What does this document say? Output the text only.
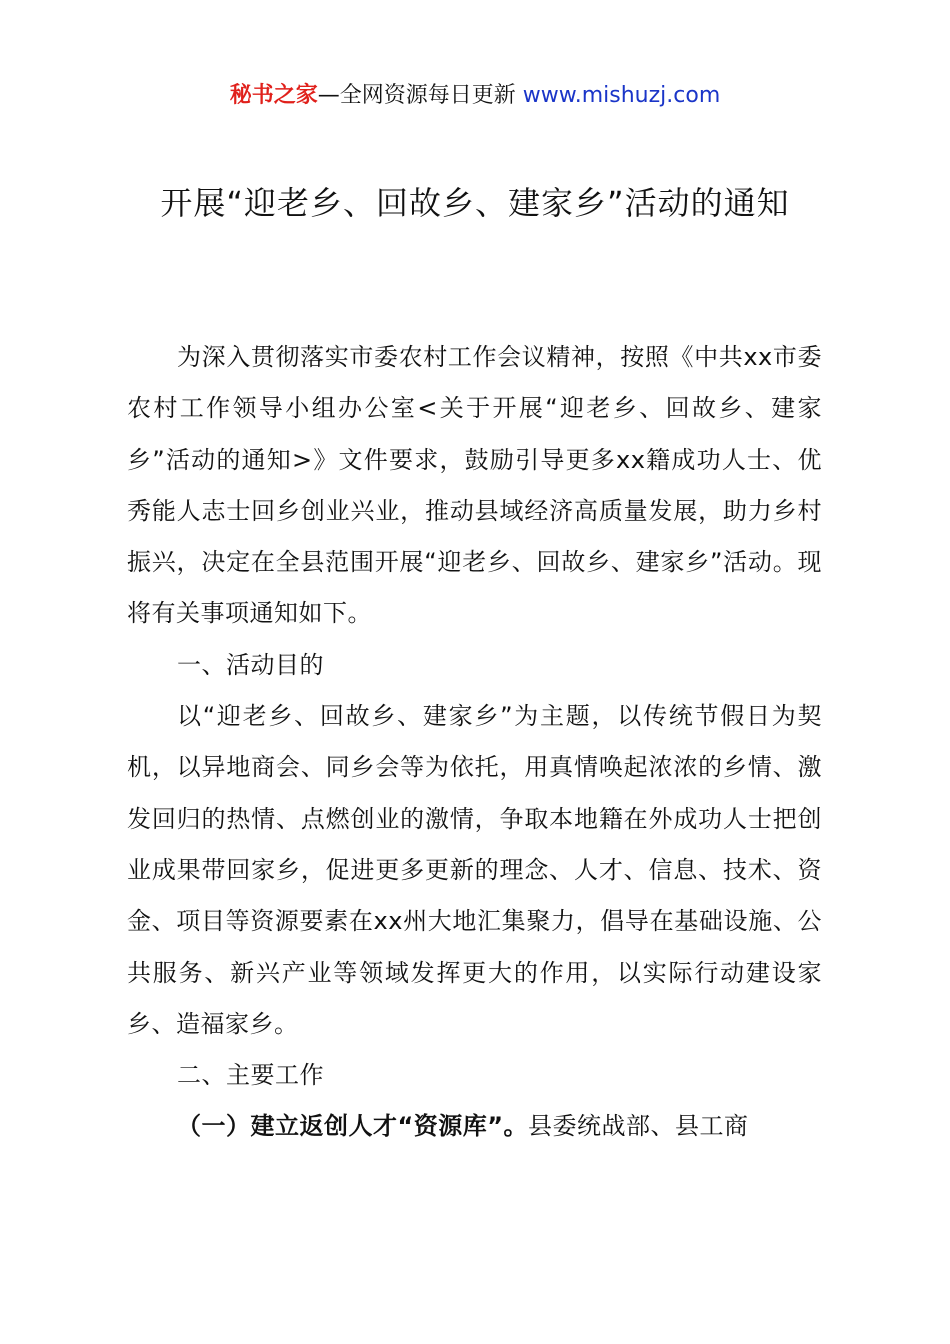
秘书之家—全网资源每日更新 www.mishuzj.com
开展“迎老乡、回故乡、建家乡”活动的通知

为深入贯彻落实市委农村工作会议精神，按照《中共xx市委农村工作领导小组办公室<关于开展“迎老乡、回故乡、建家乡”活动的通知>》文件要求，鼓励引导更多xx籍成功人士、优秀能人志士回乡创业兴业，推动县域经济高质量发展，助力乡村振兴，决定在全县范围开展“迎老乡、回故乡、建家乡”活动。现将有关事项通知如下。

一、活动目的

以“迎老乡、回故乡、建家乡”为主题，以传统节假日为契机，以异地商会、同乡会等为依托，用真情唤起浓浓的乡情、激发回归的热情、点燃创业的激情，争取本地籍在外成功人士把创业成果带回家乡，促进更多更新的理念、人才、信息、技术、资金、项目等资源要素在xx州大地汇集聚力，倡导在基础设施、公共服务、新兴产业等领域发挥更大的作用，以实际行动建设家乡、造福家乡。

二、主要工作

（一）建立返创人才“资源库”。县委统战部、县工商
